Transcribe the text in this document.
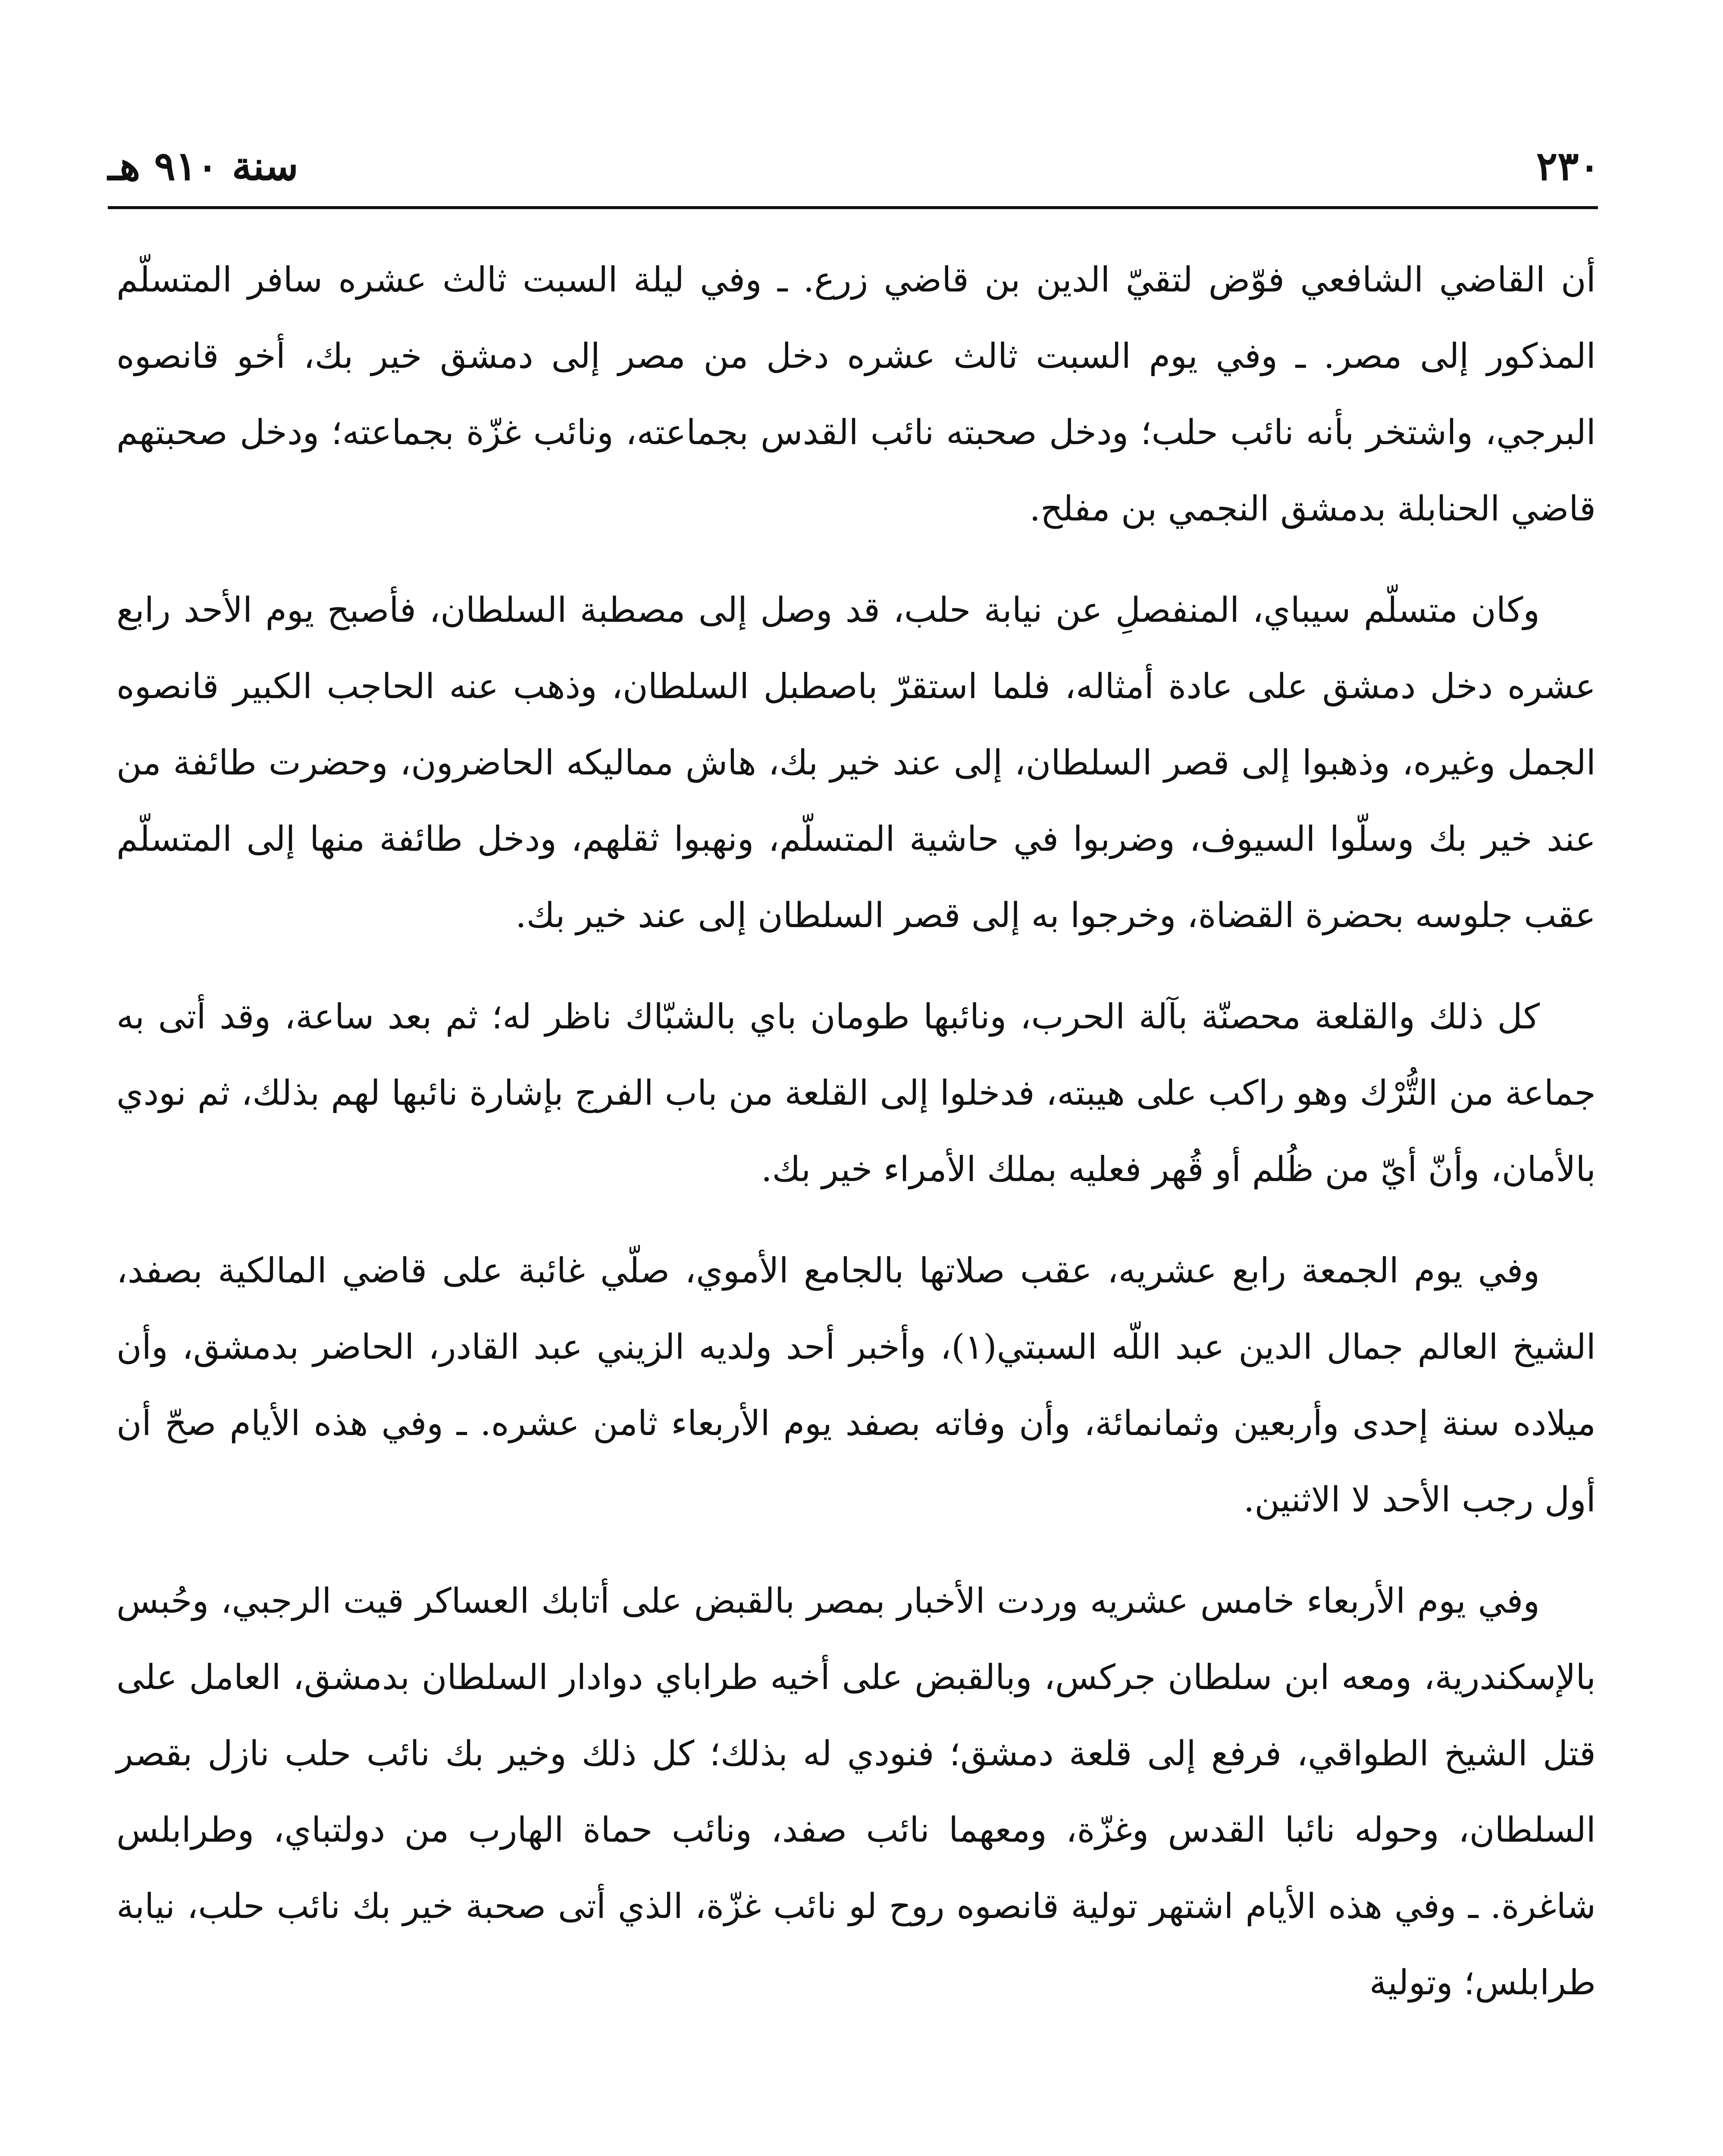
٢٣٠
سنة ٩١٠ هـ

أن القاضي الشافعي فوّض لتقيّ الدين بن قاضي زرع. ـ وفي ليلة السبت ثالث عشره سافر المتسلّم المذكور إلى مصر. ـ وفي يوم السبت ثالث عشره دخل من مصر إلى دمشق خير بك، أخو قانصوه البرجي، واشتخر بأنه نائب حلب؛ ودخل صحبته نائب القدس بجماعته، ونائب غزّة بجماعته؛ ودخل صحبتهم قاضي الحنابلة بدمشق النجمي بن مفلح.

وكان متسلّم سيباي، المنفصلِ عن نيابة حلب، قد وصل إلى مصطبة السلطان، فأصبح يوم الأحد رابع عشره دخل دمشق على عادة أمثاله، فلما استقرّ باصطبل السلطان، وذهب عنه الحاجب الكبير قانصوه الجمل وغيره، وذهبوا إلى قصر السلطان، إلى عند خير بك، هاش مماليكه الحاضرون، وحضرت طائفة من عند خير بك وسلّوا السيوف، وضربوا في حاشية المتسلّم، ونهبوا ثقلهم، ودخل طائفة منها إلى المتسلّم عقب جلوسه بحضرة القضاة، وخرجوا به إلى قصر السلطان إلى عند خير بك.

كل ذلك والقلعة محصنّة بآلة الحرب، ونائبها طومان باي بالشبّاك ناظر له؛ ثم بعد ساعة، وقد أتى به جماعة من التُّرْك وهو راكب على هيبته، فدخلوا إلى القلعة من باب الفرج بإشارة نائبها لهم بذلك، ثم نودي بالأمان، وأنّ أيّ من ظُلم أو قُهر فعليه بملك الأمراء خير بك.

وفي يوم الجمعة رابع عشريه، عقب صلاتها بالجامع الأموي، صلّي غائبة على قاضي المالكية بصفد، الشيخ العالم جمال الدين عبد اللّه السبتي(١)، وأخبر أحد ولديه الزيني عبد القادر، الحاضر بدمشق، وأن ميلاده سنة إحدى وأربعين وثمانمائة، وأن وفاته بصفد يوم الأربعاء ثامن عشره. ـ وفي هذه الأيام صحّ أن أول رجب الأحد لا الاثنين.

وفي يوم الأربعاء خامس عشريه وردت الأخبار بمصر بالقبض على أتابك العساكر قيت الرجبي، وحُبس بالإسكندرية، ومعه ابن سلطان جركس، وبالقبض على أخيه طراباي دوادار السلطان بدمشق، العامل على قتل الشيخ الطواقي، فرفع إلى قلعة دمشق؛ فنودي له بذلك؛ كل ذلك وخير بك نائب حلب نازل بقصر السلطان، وحوله نائبا القدس وغزّة، ومعهما نائب صفد، ونائب حماة الهارب من دولتباي، وطرابلس شاغرة. ـ وفي هذه الأيام اشتهر تولية قانصوه روح لو نائب غزّة، الذي أتى صحبة خير بك نائب حلب، نيابة طرابلس؛ وتولية
